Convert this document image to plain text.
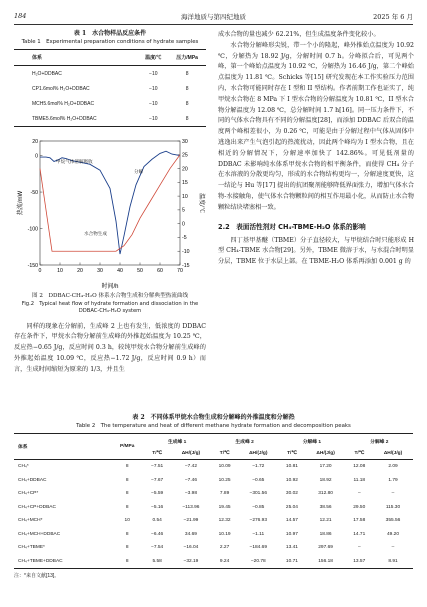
184	海洋地质与第四纪地质	2025 年 6 月
表 1　水合物样品反应条件
Table 1　Experimental preparation conditions of hydrate samples
体系	温度/℃	压力/MPa
H₂O+DDBAC	−10	8
CP1.6mol% H₂O+DDBAC	−10	8
MCH5.6mol% H₂O+DDBAC	−10	8
TBME5.6mol% H₂O+DDBAC	−10	8
0	10	20	30	40	50	60	70
20
0
-50
-100
-150
30
25
20
15
10
5
0
-5
-10
-15
时间/h
热流/mW	温度/℃
甲烷气体溶解吸收
水合物生成
分解
图 2　DDBAC-CH₄-H₂O 体系水合物生成和分解典型热流曲线
Fig.2　Typical heat flow of hydrate formation and dissociation in the DDBAC-CH₄-H₂O system

同样的现象在分解前，生成峰 2 上也有发生，低浓度的 DDBAC 存在条件下，甲烷水合物分解前生成峰的外推起始温度为 10.25 ℃，反应热−0.65 J/g，反应时间 0.3 h，较纯甲烷水合物分解前生成峰的外推起始温度 10.09 ℃，反应热−1.72 J/g，反应时间 0.9 h）而言，生成时间缩短为原来的 1/3，并且生

成水合物的量也减少 62.21%，但生成温度条件变化较小。

水合物分解峰形尖锐，带一个小的隆起，峰外推始点温度为 10.92 ℃，分解热为 18.92 J/g，分解时间 0.7 h。分峰拟合后，可见两个峰，第一个峰始点温度为 10.92 ℃，分解热为 16.46 J/g，第二个峰始点温度为 11.81 ℃。Schicks 等[15] 研究发现在本工作实验压力范围内，水合物可能同时存在 I 型和 II 型结构。作者前期工作也证实了，纯甲烷水合物在 8 MPa 下 I 型水合物的分解温度为 10.81 ℃，II 型水合物分解温度为 12.08 ℃，总分解时间 1.7 h[16]。同一压力条件下，不同的气体水合物具有不同的分解温度[28]，而添加 DDBAC 后双合的温度两个峰相差很小，为 0.26 ℃，可能是由于分解过程中气体从固体中逃逸出来产生气泡引起的热流扰动，因此两个峰均为 I 型水合物，且在相近的分解情况下，分解速率加快了 142.86%。可见低剂量的 DDBAC 未影响纯水体系甲烷水合物的相平衡条件，而使得 CH₄ 分子在水溶液的分散更均匀，形成的水合物结构更均一，分解速度更快，这一结论与 Hu 等[17] 提出的抗团聚剂能够降低界面张力，增加气体水合物-水接触角，使气体水合物颗粒间的相互作用最小化，从而防止水合物颗粒结块堵塞相一致。

2.2　表面活性剂对 CH₄-TBME-H₂O 体系的影响

四丁基甲基醚（TBME）分子直径较大，与甲烷结合时只能形成 H 型 CH₄-TBME 水合物[29]。另外，TBME 微溶于水，与水混合时明显分层，TBME 位于水层上部。在 TBME-H₂O 体系再添加 0.001 g 的

表 2　不同体系甲烷水合物生成和分解峰的外推温度和分解热
Table 2　The temperature and heat of different methane hydrate formation and decomposition peaks
体系	P/MPa	生成峰 1		生成峰 2		分解峰 1		分解峰 2	
		T/℃	ΔH/(J/g)	T/℃	ΔH/(J/g)	T/℃	ΔH/(J/g)	T/℃	ΔH/(J/g)
CH₄*	8	−7.51	−7.42	10.09	−1.72	10.81	17.20	12.08	2.09
CH₄+DDBAC	8	−7.67	−7.46	10.25	−0.65	10.92	18.92	11.18	1.79
CH₄+CP*	8	−5.59	−3.98	7.89	−301.56	30.02	312.80	–	–
CH₄+CP+DDBAC	8	−5.16	−113.96	19.45	−0.85	25.04	38.56	29.50	115.30
CH₄+MCH*	10	0.54	−21.99	12.32	−276.93	14.57	12.21	17.58	355.56
CH₄+MCH+DDBAC	8	−6.46	34.69	10.19	−1.11	10.97	18.86	14.71	49.20
CH₄+TBME*	8	−7.54	−16.04	2.27	−184.69	13.41	297.69	–	–
CH₄+TBME+DDBAC	8	5.58	−32.19	9.24	−20.78	10.71	156.18	13.57	8.91
注：*来自文献[13]。
